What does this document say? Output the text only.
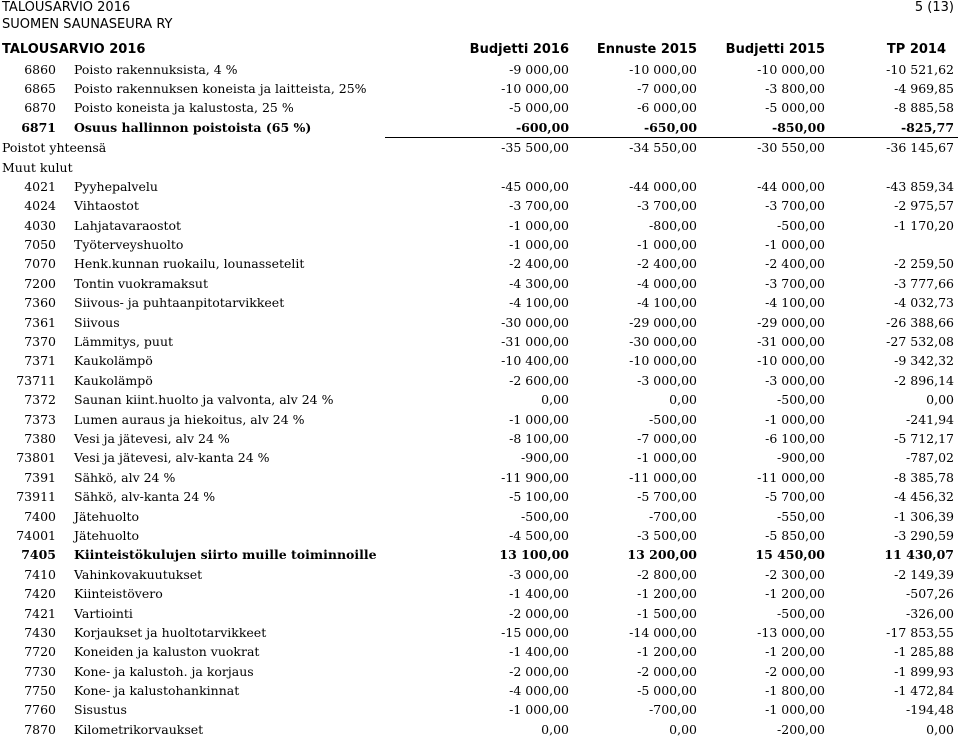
TALOUSARVIO 2016
SUOMEN SAUNASEURA RY
5 (13)
TALOUSARVIO 2016		Budjetti 2016	Ennuste 2015	Budjetti 2015	TP 2014
6860	Poisto rakennuksista, 4 %	-9 000,00	-10 000,00	-10 000,00	-10 521,62
6865	Poisto rakennuksen koneista ja laitteista, 25%	-10 000,00	-7 000,00	-3 800,00	-4 969,85
6870	Poisto koneista ja kalustosta, 25 %	-5 000,00	-6 000,00	-5 000,00	-8 885,58
6871	Osuus hallinnon poistoista (65 %)	-600,00	-650,00	-850,00	-825,77
Poistot yhteensä		-35 500,00	-34 550,00	-30 550,00	-36 145,67
Muut kulut					
4021	Pyyhepalvelu	-45 000,00	-44 000,00	-44 000,00	-43 859,34
4024	Vihtaostot	-3 700,00	-3 700,00	-3 700,00	-2 975,57
4030	Lahjatavaraostot	-1 000,00	-800,00	-500,00	-1 170,20
7050	Työterveyshuolto	-1 000,00	-1 000,00	-1 000,00	
7070	Henk.kunnan ruokailu, lounassetelit	-2 400,00	-2 400,00	-2 400,00	-2 259,50
7200	Tontin vuokramaksut	-4 300,00	-4 000,00	-3 700,00	-3 777,66
7360	Siivous- ja puhtaanpitotarvikkeet	-4 100,00	-4 100,00	-4 100,00	-4 032,73
7361	Siivous	-30 000,00	-29 000,00	-29 000,00	-26 388,66
7370	Lämmitys, puut	-31 000,00	-30 000,00	-31 000,00	-27 532,08
7371	Kaukolämpö	-10 400,00	-10 000,00	-10 000,00	-9 342,32
73711	Kaukolämpö	-2 600,00	-3 000,00	-3 000,00	-2 896,14
7372	Saunan kiint.huolto ja valvonta, alv 24 %	0,00	0,00	-500,00	0,00
7373	Lumen auraus ja hiekoitus, alv 24 %	-1 000,00	-500,00	-1 000,00	-241,94
7380	Vesi ja jätevesi, alv 24 %	-8 100,00	-7 000,00	-6 100,00	-5 712,17
73801	Vesi ja jätevesi, alv-kanta 24 %	-900,00	-1 000,00	-900,00	-787,02
7391	Sähkö, alv 24 %	-11 900,00	-11 000,00	-11 000,00	-8 385,78
73911	Sähkö, alv-kanta 24 %	-5 100,00	-5 700,00	-5 700,00	-4 456,32
7400	Jätehuolto	-500,00	-700,00	-550,00	-1 306,39
74001	Jätehuolto	-4 500,00	-3 500,00	-5 850,00	-3 290,59
7405	Kiinteistökulujen siirto muille toiminnoille	13 100,00	13 200,00	15 450,00	11 430,07
7410	Vahinkovakuutukset	-3 000,00	-2 800,00	-2 300,00	-2 149,39
7420	Kiinteistövero	-1 400,00	-1 200,00	-1 200,00	-507,26
7421	Vartiointi	-2 000,00	-1 500,00	-500,00	-326,00
7430	Korjaukset ja huoltotarvikkeet	-15 000,00	-14 000,00	-13 000,00	-17 853,55
7720	Koneiden ja kaluston vuokrat	-1 400,00	-1 200,00	-1 200,00	-1 285,88
7730	Kone- ja kalustoh. ja korjaus	-2 000,00	-2 000,00	-2 000,00	-1 899,93
7750	Kone- ja kalustohankinnat	-4 000,00	-5 000,00	-1 800,00	-1 472,84
7760	Sisustus	-1 000,00	-700,00	-1 000,00	-194,48
7870	Kilometrikorvaukset	0,00	0,00	-200,00	0,00
